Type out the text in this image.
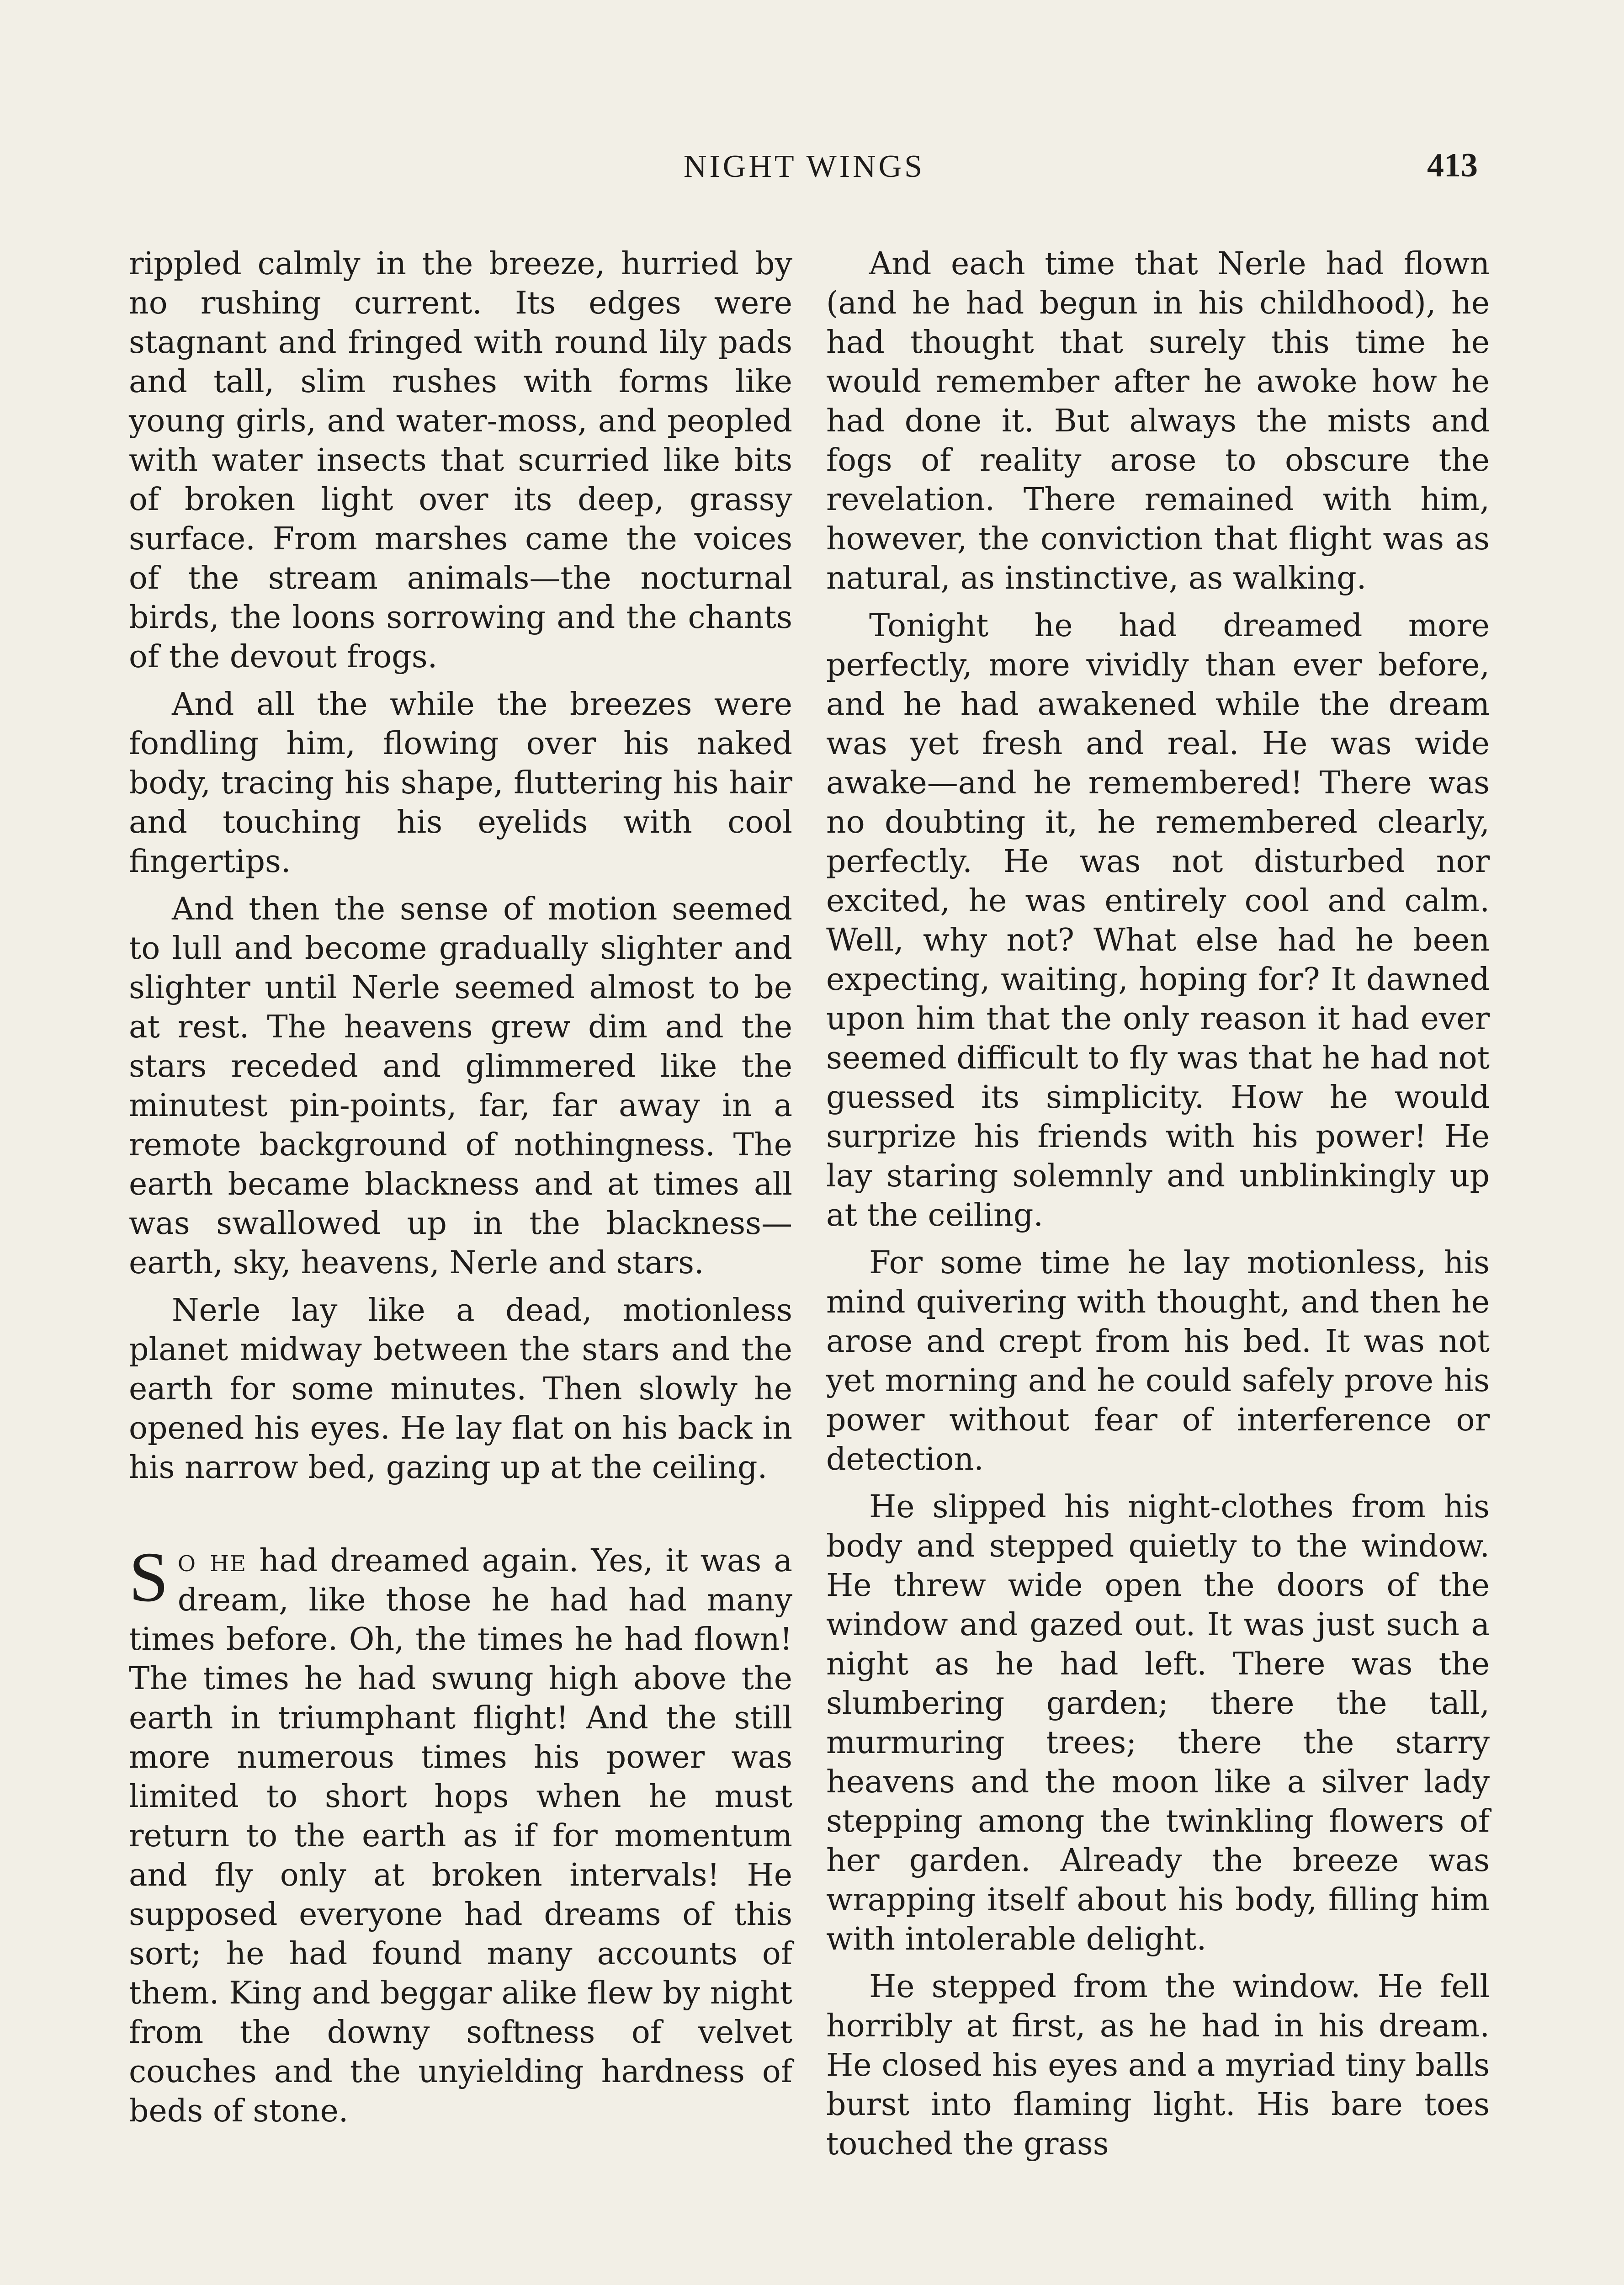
NIGHT WINGS	413

rippled calmly in the breeze, hurried by no rushing current. Its edges were stagnant and fringed with round lily pads and tall, slim rushes with forms like young girls, and water-moss, and peopled with water insects that scurried like bits of broken light over its deep, grassy surface. From marshes came the voices of the stream animals—the nocturnal birds, the loons sorrowing and the chants of the devout frogs.

And all the while the breezes were fondling him, flowing over his naked body, tracing his shape, fluttering his hair and touching his eyelids with cool fingertips.

And then the sense of motion seemed to lull and become gradually slighter and slighter until Nerle seemed almost to be at rest. The heavens grew dim and the stars receded and glimmered like the minutest pin-points, far, far away in a remote background of nothingness. The earth became blackness and at times all was swallowed up in the blackness—earth, sky, heavens, Nerle and stars.

Nerle lay like a dead, motionless planet midway between the stars and the earth for some minutes. Then slowly he opened his eyes. He lay flat on his back in his narrow bed, gazing up at the ceiling.

So he had dreamed again. Yes, it was a dream, like those he had had many times before. Oh, the times he had flown! The times he had swung high above the earth in triumphant flight! And the still more numerous times his power was limited to short hops when he must return to the earth as if for momentum and fly only at broken intervals! He supposed everyone had dreams of this sort; he had found many accounts of them. King and beggar alike flew by night from the downy softness of velvet couches and the unyielding hardness of beds of stone.

And each time that Nerle had flown (and he had begun in his childhood), he had thought that surely this time he would remember after he awoke how he had done it. But always the mists and fogs of reality arose to obscure the revelation. There remained with him, however, the conviction that flight was as natural, as instinctive, as walking.

Tonight he had dreamed more perfectly, more vividly than ever before, and he had awakened while the dream was yet fresh and real. He was wide awake—and he remembered! There was no doubting it, he remembered clearly, perfectly. He was not disturbed nor excited, he was entirely cool and calm. Well, why not? What else had he been expecting, waiting, hoping for? It dawned upon him that the only reason it had ever seemed difficult to fly was that he had not guessed its simplicity. How he would surprize his friends with his power! He lay staring solemnly and unblinkingly up at the ceiling.

For some time he lay motionless, his mind quivering with thought, and then he arose and crept from his bed. It was not yet morning and he could safely prove his power without fear of interference or detection.

He slipped his night-clothes from his body and stepped quietly to the window. He threw wide open the doors of the window and gazed out. It was just such a night as he had left. There was the slumbering garden; there the tall, murmuring trees; there the starry heavens and the moon like a silver lady stepping among the twinkling flowers of her garden. Already the breeze was wrapping itself about his body, filling him with intolerable delight.

He stepped from the window. He fell horribly at first, as he had in his dream. He closed his eyes and a myriad tiny balls burst into flaming light. His bare toes touched the grass
